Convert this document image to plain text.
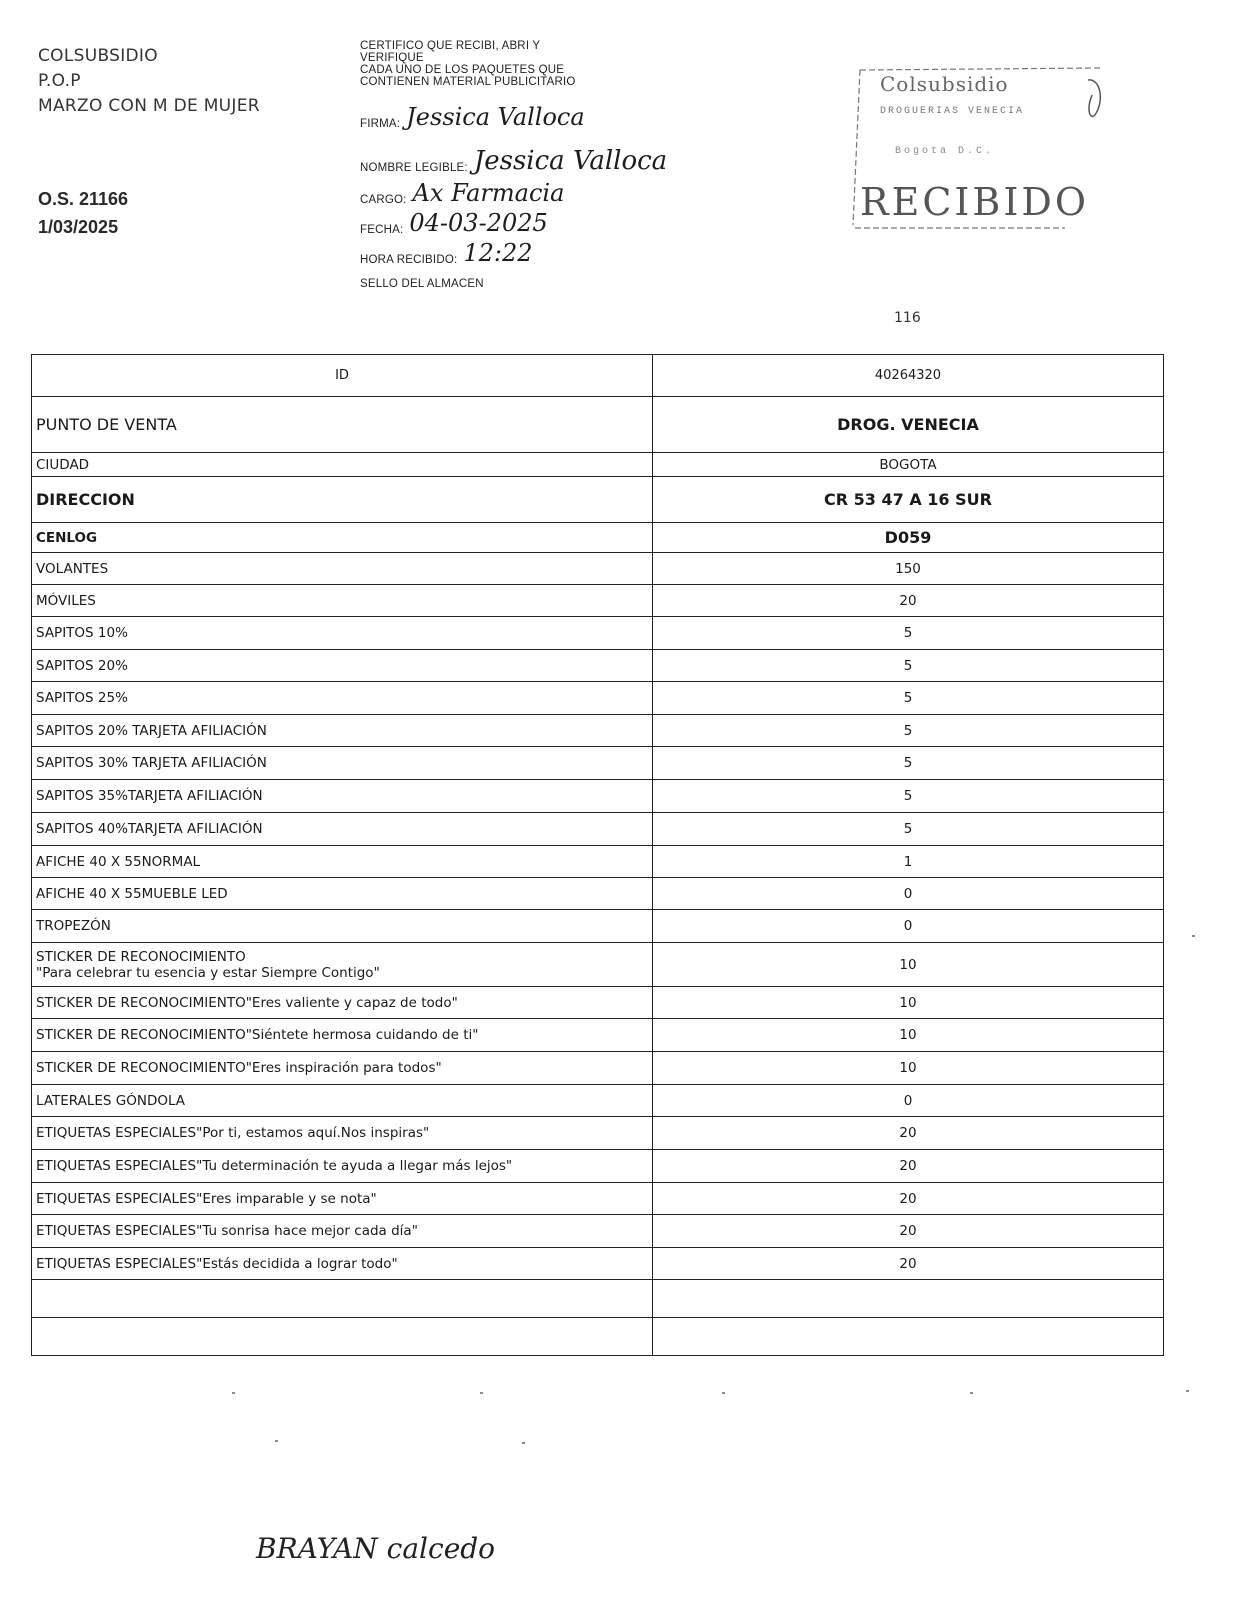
COLSUBSIDIO
P.O.P
MARZO CON M DE MUJER
O.S. 21166
1/03/2025
CERTIFICO QUE RECIBI, ABRI Y
VERIFIQUE
CADA UNO DE LOS PAQUETES QUE
CONTIENEN MATERIAL PUBLICITARIO
FIRMA: Jessica Valloca
NOMBRE LEGIBLE: Jessica Valloca
CARGO: Ax Farmacia
FECHA: 04-03-2025
HORA RECIBIDO: 12:22
SELLO DEL ALMACEN
Colsubsidio
DROGUERIAS VENECIA
Bogota D.C.
RECIBIDO
116
ID	40264320

PUNTO DE VENTA	DROG. VENECIA

CIUDAD	BOGOTA

DIRECCION	CR 53 47 A 16 SUR

CENLOG	D059

VOLANTES	150

MÓVILES	20

SAPITOS 10%	5

SAPITOS 20%	5

SAPITOS 25%	5

SAPITOS 20% TARJETA AFILIACIÓN	5

SAPITOS 30% TARJETA AFILIACIÓN	5

SAPITOS 35%TARJETA AFILIACIÓN	5

SAPITOS 40%TARJETA AFILIACIÓN	5

AFICHE 40 X 55NORMAL	1

AFICHE 40 X 55MUEBLE LED	0

TROPEZÓN	0

STICKER DE RECONOCIMIENTO
"Para celebrar tu esencia y estar Siempre Contigo"	10

STICKER DE RECONOCIMIENTO"Eres valiente y capaz de todo"	10

STICKER DE RECONOCIMIENTO"Siéntete hermosa cuidando de ti"	10

STICKER DE RECONOCIMIENTO"Eres inspiración para todos"	10

LATERALES GÓNDOLA	0

ETIQUETAS ESPECIALES"Por ti, estamos aquí.Nos inspiras"	20

ETIQUETAS ESPECIALES"Tu determinación te ayuda a llegar más lejos"	20

ETIQUETAS ESPECIALES"Eres imparable y se nota"	20

ETIQUETAS ESPECIALES"Tu sonrisa hace mejor cada día"	20

ETIQUETAS ESPECIALES"Estás decidida a lograr todo"	20

BRAYAN calcedo
